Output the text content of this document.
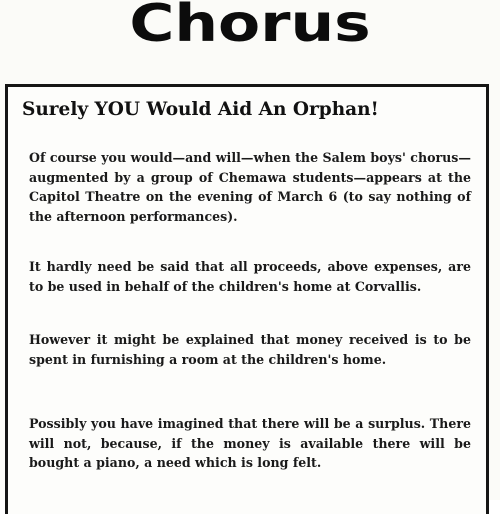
Chorus
Surely YOU Would Aid An Orphan!

Of course you would—and will—when the Salem boys' chorus—augmented by a group of Chemawa students—appears at the Capitol Theatre on the evening of March 6 (to say nothing of the afternoon performances).

It hardly need be said that all proceeds, above expenses, are to be used in behalf of the children's home at Corvallis.

However it might be explained that money received is to be spent in furnishing a room at the children's home.

Possibly you have imagined that there will be a surplus. There will not, because, if the money is available there will be bought a piano, a need which is long felt.
